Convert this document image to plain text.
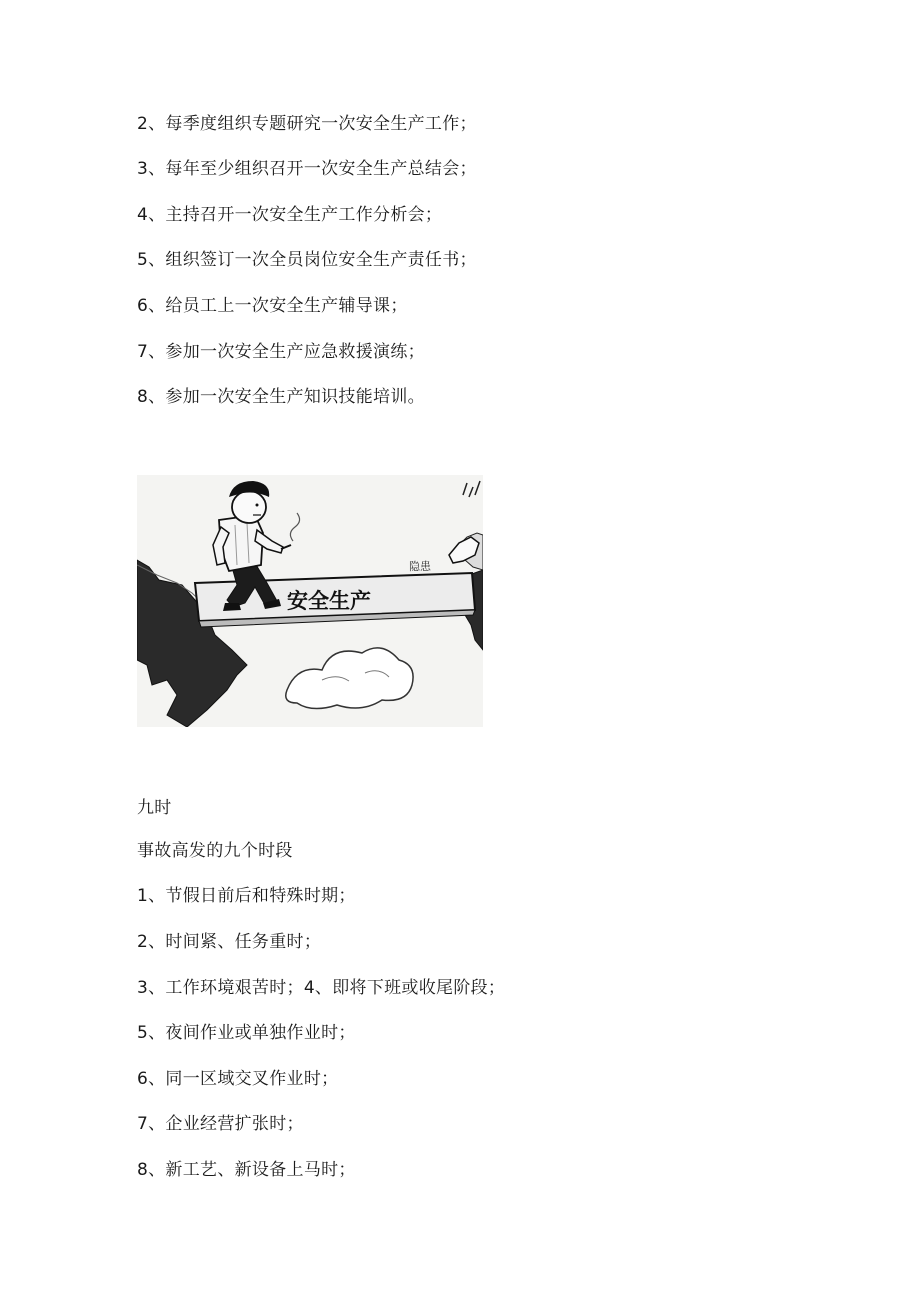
2、每季度组织专题研究一次安全生产工作；
3、每年至少组织召开一次安全生产总结会；
4、主持召开一次安全生产工作分析会；
5、组织签订一次全员岗位安全生产责任书；
6、给员工上一次安全生产辅导课；
7、参加一次安全生产应急救援演练；
8、参加一次安全生产知识技能培训。
安全生产
隐患
九时
事故高发的九个时段
1、节假日前后和特殊时期；
2、时间紧、任务重时；
3、工作环境艰苦时；4、即将下班或收尾阶段；
5、夜间作业或单独作业时；
6、同一区域交叉作业时；
7、企业经营扩张时；
8、新工艺、新设备上马时；
